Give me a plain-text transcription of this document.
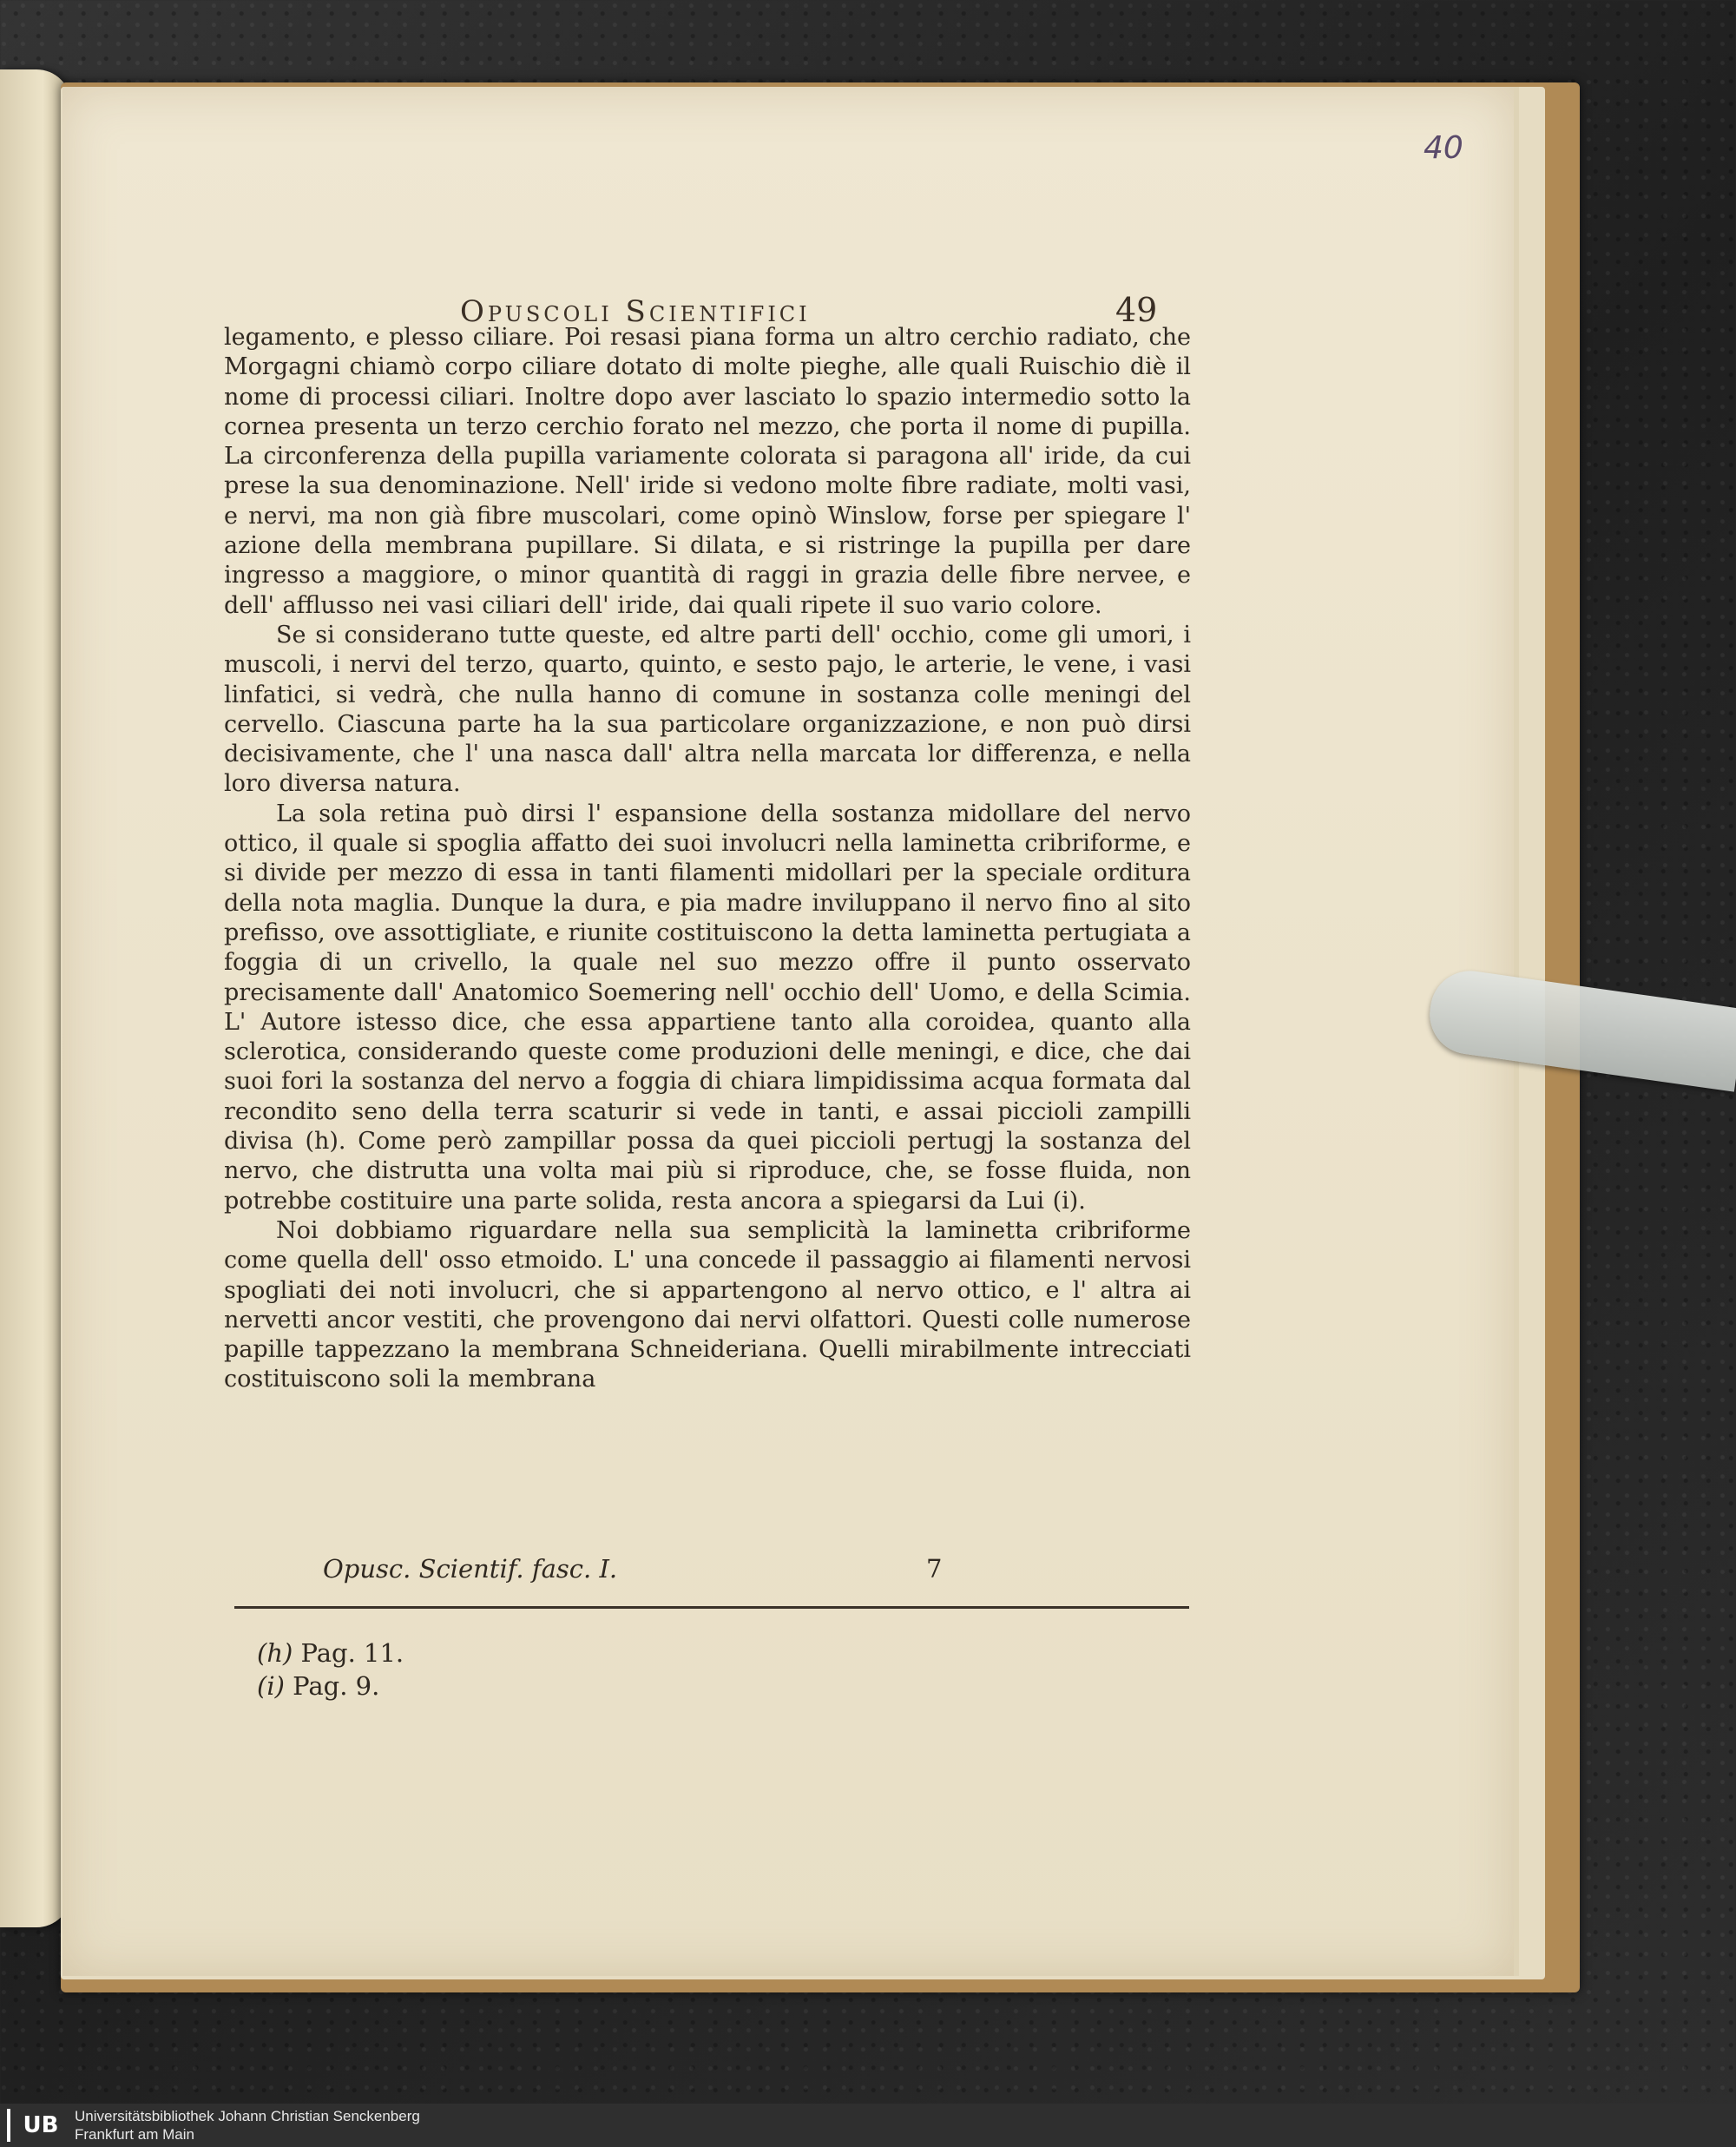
40
Opuscoli Scientifici	49

legamento, e plesso ciliare. Poi resasi piana forma un altro cerchio radiato, che Morgagni chiamò corpo ciliare dotato di molte pieghe, alle quali Ruischio diè il nome di processi ciliari. Inoltre dopo aver lasciato lo spazio intermedio sotto la cornea presenta un terzo cerchio forato nel mezzo, che porta il nome di pupilla. La circonferenza della pupilla variamente colorata si paragona all' iride, da cui prese la sua denominazione. Nell' iride si vedono molte fibre radiate, molti vasi, e nervi, ma non già fibre muscolari, come opinò Winslow, forse per spiegare l' azione della membrana pupillare. Si dilata, e si ristringe la pupilla per dare ingresso a maggiore, o minor quantità di raggi in grazia delle fibre nervee, e dell' afflusso nei vasi ciliari dell' iride, dai quali ripete il suo vario colore.

Se si considerano tutte queste, ed altre parti dell' occhio, come gli umori, i muscoli, i nervi del terzo, quarto, quinto, e sesto pajo, le arterie, le vene, i vasi linfatici, si vedrà, che nulla hanno di comune in sostanza colle meningi del cervello. Ciascuna parte ha la sua particolare organizzazione, e non può dirsi decisivamente, che l' una nasca dall' altra nella marcata lor differenza, e nella loro diversa natura.

La sola retina può dirsi l' espansione della sostanza midollare del nervo ottico, il quale si spoglia affatto dei suoi involucri nella laminetta cribriforme, e si divide per mezzo di essa in tanti filamenti midollari per la speciale orditura della nota maglia. Dunque la dura, e pia madre inviluppano il nervo fino al sito prefisso, ove assottigliate, e riunite costituiscono la detta laminetta pertugiata a foggia di un crivello, la quale nel suo mezzo offre il punto osservato precisamente dall' Anatomico Soemering nell' occhio dell' Uomo, e della Scimia. L' Autore istesso dice, che essa appartiene tanto alla coroidea, quanto alla sclerotica, considerando queste come produzioni delle meningi, e dice, che dai suoi fori la sostanza del nervo a foggia di chiara limpidissima acqua formata dal recondito seno della terra scaturir si vede in tanti, e assai piccioli zampilli divisa (h). Come però zampillar possa da quei piccioli pertugj la sostanza del nervo, che distrutta una volta mai più si riproduce, che, se fosse fluida, non potrebbe costituire una parte solida, resta ancora a spiegarsi da Lui (i).

Noi dobbiamo riguardare nella sua semplicità la laminetta cribriforme come quella dell' osso etmoido. L' una concede il passaggio ai filamenti nervosi spogliati dei noti involucri, che si appartengono al nervo ottico, e l' altra ai nervetti ancor vestiti, che provengono dai nervi olfattori. Questi colle numerose papille tappezzano la membrana Schneideriana. Quelli mirabilmente intrecciati costituiscono soli la membrana

Opusc. Scientif. fasc. I.	7
(h) Pag. 11.
(i) Pag. 9.
UB	Universitätsbibliothek Johann Christian Senckenberg
Frankfurt am Main
